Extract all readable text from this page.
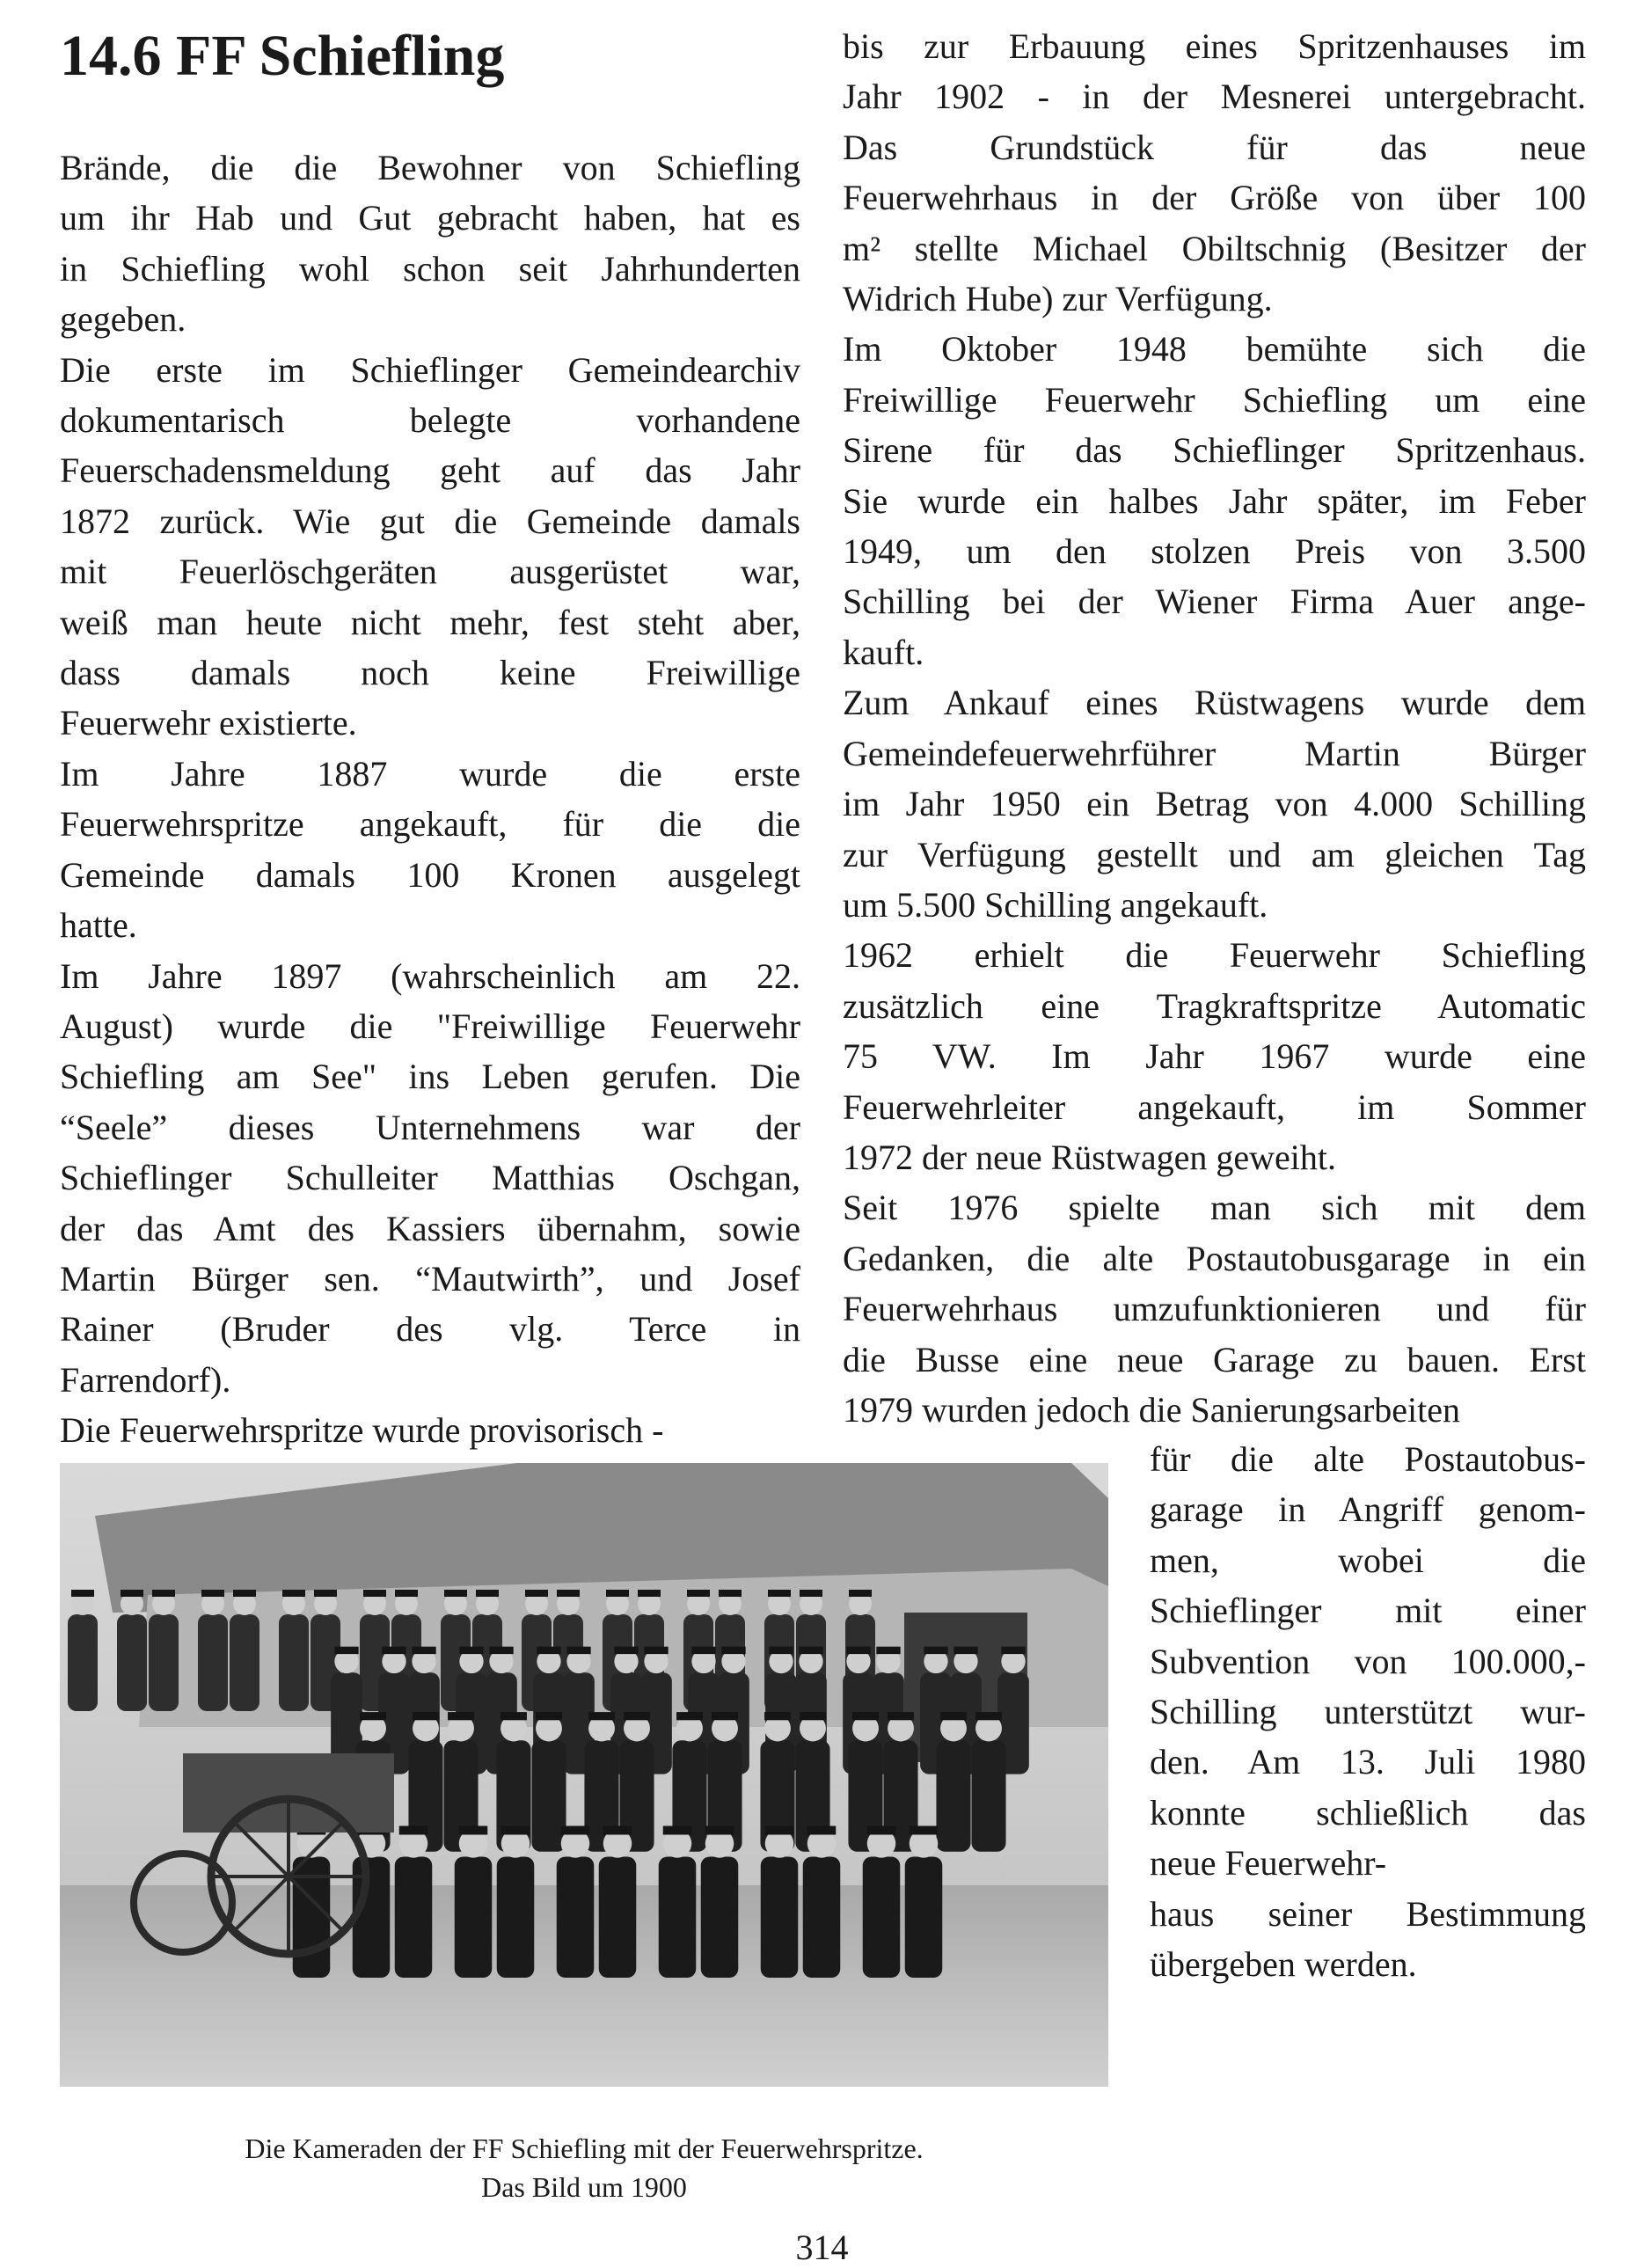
14.6 FF Schiefling

Brände, die die Bewohner von Schiefling

um ihr Hab und Gut gebracht haben, hat es

in Schiefling wohl schon seit Jahrhunderten

gegeben.

Die erste im Schieflinger Gemeindearchiv

dokumentarisch belegte vorhandene

Feuerschadensmeldung geht auf das Jahr

1872 zurück. Wie gut die Gemeinde damals

mit Feuerlöschgeräten ausgerüstet war,

weiß man heute nicht mehr, fest steht aber,

dass damals noch keine Freiwillige

Feuerwehr existierte.

Im Jahre 1887 wurde die erste

Feuerwehrspritze angekauft, für die die

Gemeinde damals 100 Kronen ausgelegt

hatte.

Im Jahre 1897 (wahrscheinlich am 22.

August) wurde die "Freiwillige Feuerwehr

Schiefling am See" ins Leben gerufen. Die

“Seele” dieses Unternehmens war der

Schieflinger Schulleiter Matthias Oschgan,

der das Amt des Kassiers übernahm, sowie

Martin Bürger sen. “Mautwirth”, und Josef

Rainer (Bruder des vlg. Terce in

Farrendorf).

Die Feuerwehrspritze wurde provisorisch -

bis zur Erbauung eines Spritzenhauses im

Jahr 1902 - in der Mesnerei untergebracht.

Das Grundstück für das neue

Feuerwehrhaus in der Größe von über 100

m² stellte Michael Obiltschnig (Besitzer der

Widrich Hube) zur Verfügung.

Im Oktober 1948 bemühte sich die

Freiwillige Feuerwehr Schiefling um eine

Sirene für das Schieflinger Spritzenhaus.

Sie wurde ein halbes Jahr später, im Feber

1949, um den stolzen Preis von 3.500

Schilling bei der Wiener Firma Auer ange-

kauft.

Zum Ankauf eines Rüstwagens wurde dem

Gemeindefeuerwehrführer Martin Bürger

im Jahr 1950 ein Betrag von 4.000 Schilling

zur Verfügung gestellt und am gleichen Tag

um 5.500 Schilling angekauft.

1962 erhielt die Feuerwehr Schiefling

zusätzlich eine Tragkraftspritze Automatic

75 VW. Im Jahr 1967 wurde eine

Feuerwehrleiter angekauft, im Sommer

1972 der neue Rüstwagen geweiht.

Seit 1976 spielte man sich mit dem

Gedanken, die alte Postautobusgarage in ein

Feuerwehrhaus umzufunktionieren und für

die Busse eine neue Garage zu bauen. Erst

1979 wurden jedoch die Sanierungsarbeiten

für die alte Postautobus-

garage in Angriff genom-

men, wobei die

Schieflinger mit einer

Subvention von 100.000,-

Schilling unterstützt wur-

den. Am 13. Juli 1980

konnte schließlich das

neue Feuerwehr-

haus seiner Bestimmung

übergeben werden.

Die Kameraden der FF Schiefling mit der Feuerwehrspritze.
Das Bild um 1900
314
